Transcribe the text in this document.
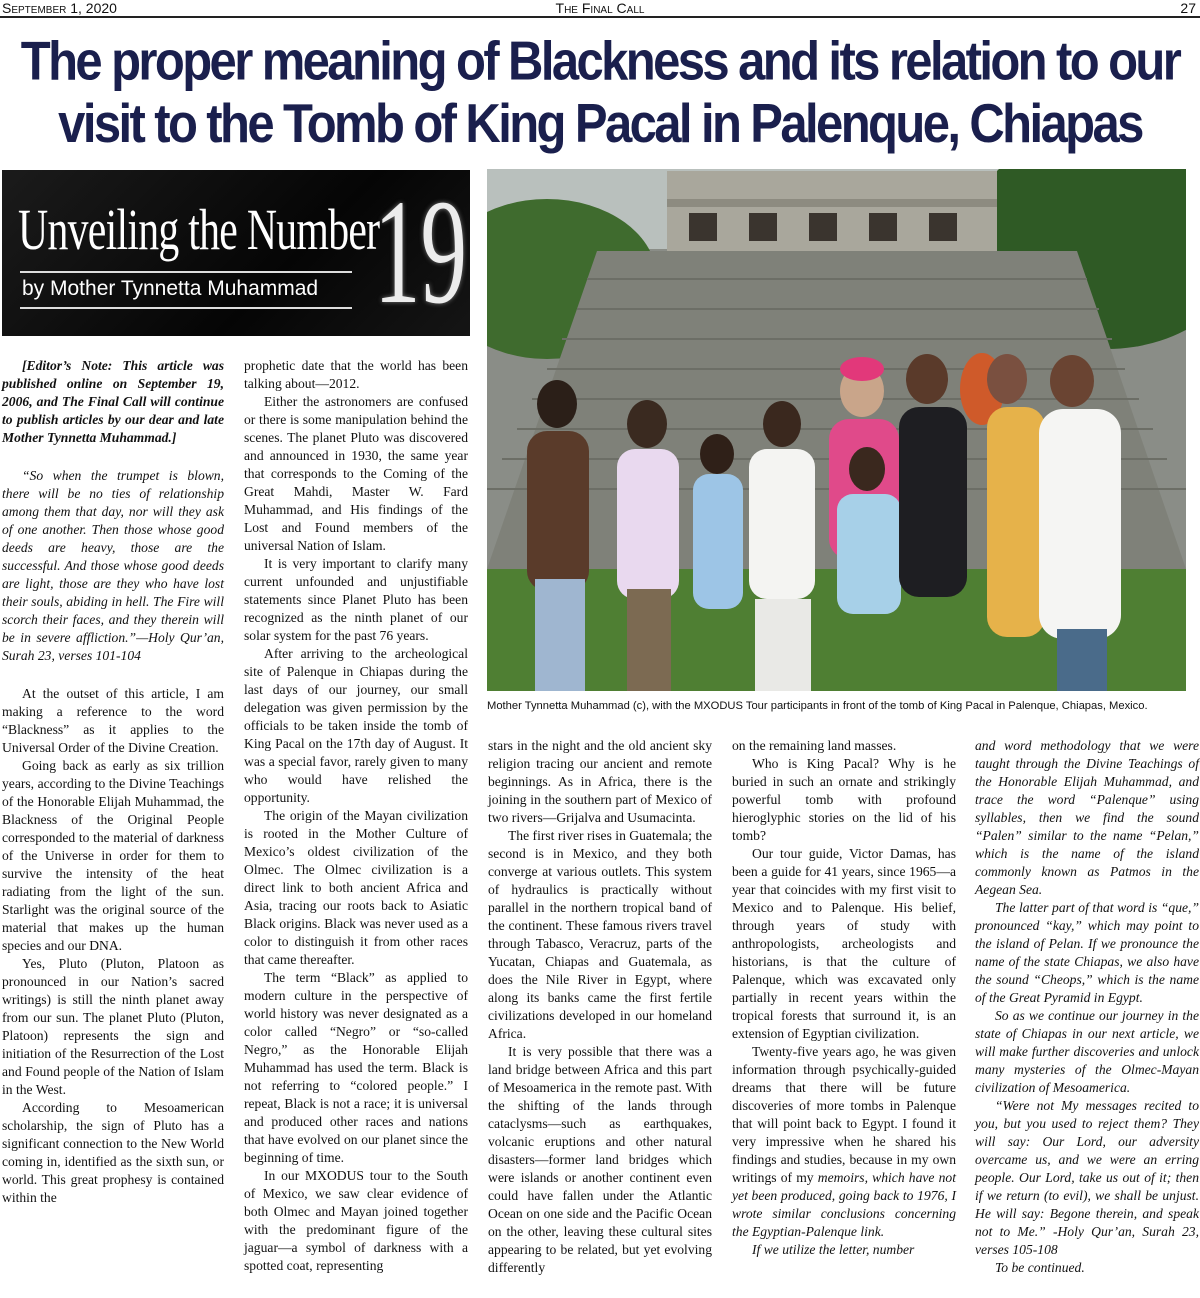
September 1, 2020	The Final Call	27
The proper meaning of Blackness and its relation to our
visit to the Tomb of King Pacal in Palenque, Chiapas
Unveiling the Number
19
by Mother Tynnetta Muhammad
Mother Tynnetta Muhammad (c), with the MXODUS Tour participants in front of the tomb of King Pacal in Palenque, Chiapas, Mexico.

[Editor’s Note: This article was published online on September 19, 2006, and The Final Call will continue to publish articles by our dear and late Mother Tynnetta Muhammad.]

“So when the trumpet is blown, there will be no ties of relationship among them that day, nor will they ask of one another. Then those whose good deeds are heavy, those are the successful. And those whose good deeds are light, those are they who have lost their souls, abiding in hell. The Fire will scorch their faces, and they therein will be in severe affliction.”—Holy Qur’an, Surah 23, verses 101-104

At the outset of this article, I am making a reference to the word “Blackness” as it applies to the Universal Order of the Divine Creation.

Going back as early as six trillion years, according to the Divine Teachings of the Honorable Elijah Muhammad, the Blackness of the Original People corresponded to the material of darkness of the Universe in order for them to survive the intensity of the heat radiating from the light of the sun. Starlight was the original source of the material that makes up the human species and our DNA.

Yes, Pluto (Pluton, Platoon as pronounced in our Nation’s sacred writings) is still the ninth planet away from our sun. The planet Pluto (Pluton, Platoon) represents the sign and initiation of the Resurrection of the Lost and Found people of the Nation of Islam in the West.

According to Mesoamerican scholarship, the sign of Pluto has a significant connection to the New World coming in, identified as the sixth sun, or world. This great prophesy is contained within the

prophetic date that the world has been talking about—2012.

Either the astronomers are confused or there is some manipulation behind the scenes. The planet Pluto was discovered and announced in 1930, the same year that corresponds to the Coming of the Great Mahdi, Master W. Fard Muhammad, and His findings of the Lost and Found members of the universal Nation of Islam.

It is very important to clarify many current unfounded and unjustifiable statements since Planet Pluto has been recognized as the ninth planet of our solar system for the past 76 years.

After arriving to the archeological site of Palenque in Chiapas during the last days of our journey, our small delegation was given permission by the officials to be taken inside the tomb of King Pacal on the 17th day of August. It was a special favor, rarely given to many who would have relished the opportunity.

The origin of the Mayan civilization is rooted in the Mother Culture of Mexico’s oldest civilization of the Olmec. The Olmec civilization is a direct link to both ancient Africa and Asia, tracing our roots back to Asiatic Black origins. Black was never used as a color to distinguish it from other races that came thereafter.

The term “Black” as applied to modern culture in the perspective of world history was never designated as a color called “Negro” or “so-called Negro,” as the Honorable Elijah Muhammad has used the term. Black is not referring to “colored people.” I repeat, Black is not a race; it is universal and produced other races and nations that have evolved on our planet since the beginning of time.

In our MXODUS tour to the South of Mexico, we saw clear evidence of both Olmec and Mayan joined together with the predominant figure of the jaguar—a symbol of darkness with a spotted coat, representing

stars in the night and the old ancient sky religion tracing our ancient and remote beginnings. As in Africa, there is the joining in the southern part of Mexico of two rivers—Grijalva and Usumacinta.

The first river rises in Guatemala; the second is in Mexico, and they both converge at various outlets. This system of hydraulics is practically without parallel in the northern tropical band of the continent. These famous rivers travel through Tabasco, Veracruz, parts of the Yucatan, Chiapas and Guatemala, as does the Nile River in Egypt, where along its banks came the first fertile civilizations developed in our homeland Africa.

It is very possible that there was a land bridge between Africa and this part of Mesoamerica in the remote past. With the shifting of the lands through cataclysms—such as earthquakes, volcanic eruptions and other natural disasters—former land bridges which were islands or another continent even could have fallen under the Atlantic Ocean on one side and the Pacific Ocean on the other, leaving these cultural sites appearing to be related, but yet evolving differently

on the remaining land masses.

Who is King Pacal? Why is he buried in such an ornate and strikingly powerful tomb with profound hieroglyphic stories on the lid of his tomb?

Our tour guide, Victor Damas, has been a guide for 41 years, since 1965—a year that coincides with my first visit to Mexico and to Palenque. His belief, through years of study with anthropologists, archeologists and historians, is that the culture of Palenque, which was excavated only partially in recent years within the tropical forests that surround it, is an extension of Egyptian civilization.

Twenty-five years ago, he was given information through psychically-guided dreams that there will be future discoveries of more tombs in Palenque that will point back to Egypt. I found it very impressive when he shared his findings and studies, because in my own writings of my memoirs, which have not yet been produced, going back to 1976, I wrote similar conclusions concerning the Egyptian-Palenque link.

If we utilize the letter, number

and word methodology that we were taught through the Divine Teachings of the Honorable Elijah Muhammad, and trace the word “Palenque” using syllables, then we find the sound “Palen” similar to the name “Pelan,” which is the name of the island commonly known as Patmos in the Aegean Sea.

The latter part of that word is “que,” pronounced “kay,” which may point to the island of Pelan. If we pronounce the name of the state Chiapas, we also have the sound “Cheops,” which is the name of the Great Pyramid in Egypt.

So as we continue our journey in the state of Chiapas in our next article, we will make further discoveries and unlock many mysteries of the Olmec-Mayan civilization of Mesoamerica.

“Were not My messages recited to you, but you used to reject them? They will say: Our Lord, our adversity overcame us, and we were an erring people. Our Lord, take us out of it; then if we return (to evil), we shall be unjust. He will say: Begone therein, and speak not to Me.” -Holy Qur’an, Surah 23, verses 105-108

To be continued.
